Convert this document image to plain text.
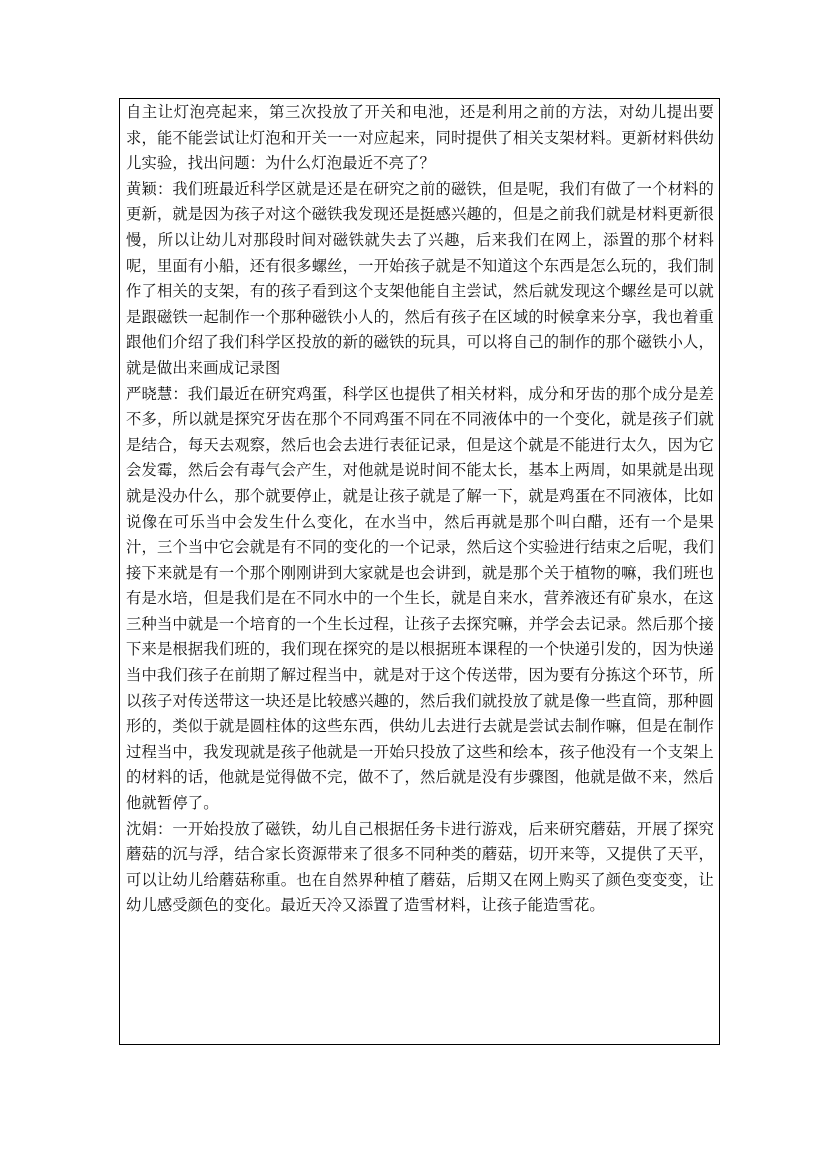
自主让灯泡亮起来，第三次投放了开关和电池，还是利用之前的方法，对幼儿提出要求，能不能尝试让灯泡和开关一一对应起来，同时提供了相关支架材料。更新材料供幼儿实验，找出问题：为什么灯泡最近不亮了？

黄颖：我们班最近科学区就是还是在研究之前的磁铁，但是呢，我们有做了一个材料的更新，就是因为孩子对这个磁铁我发现还是挺感兴趣的，但是之前我们就是材料更新很慢，所以让幼儿对那段时间对磁铁就失去了兴趣，后来我们在网上，添置的那个材料呢，里面有小船，还有很多螺丝，一开始孩子就是不知道这个东西是怎么玩的，我们制作了相关的支架，有的孩子看到这个支架他能自主尝试，然后就发现这个螺丝是可以就是跟磁铁一起制作一个那种磁铁小人的，然后有孩子在区域的时候拿来分享，我也着重跟他们介绍了我们科学区投放的新的磁铁的玩具，可以将自己的制作的那个磁铁小人，就是做出来画成记录图

严晓慧：我们最近在研究鸡蛋，科学区也提供了相关材料，成分和牙齿的那个成分是差不多，所以就是探究牙齿在那个不同鸡蛋不同在不同液体中的一个变化，就是孩子们就是结合，每天去观察，然后也会去进行表征记录，但是这个就是不能进行太久，因为它会发霉，然后会有毒气会产生，对他就是说时间不能太长，基本上两周，如果就是出现就是没办什么，那个就要停止，就是让孩子就是了解一下，就是鸡蛋在不同液体，比如说像在可乐当中会发生什么变化，在水当中，然后再就是那个叫白醋，还有一个是果汁，三个当中它会就是有不同的变化的一个记录，然后这个实验进行结束之后呢，我们接下来就是有一个那个刚刚讲到大家就是也会讲到，就是那个关于植物的嘛，我们班也有是水培，但是我们是在不同水中的一个生长，就是自来水，营养液还有矿泉水，在这三种当中就是一个培育的一个生长过程，让孩子去探究嘛，并学会去记录。然后那个接下来是根据我们班的，我们现在探究的是以根据班本课程的一个快递引发的，因为快递当中我们孩子在前期了解过程当中，就是对于这个传送带，因为要有分拣这个环节，所以孩子对传送带这一块还是比较感兴趣的，然后我们就投放了就是像一些直筒，那种圆形的，类似于就是圆柱体的这些东西，供幼儿去进行去就是尝试去制作嘛，但是在制作过程当中，我发现就是孩子他就是一开始只投放了这些和绘本，孩子他没有一个支架上的材料的话，他就是觉得做不完，做不了，然后就是没有步骤图，他就是做不来，然后他就暂停了。

沈娟：一开始投放了磁铁，幼儿自己根据任务卡进行游戏，后来研究蘑菇，开展了探究蘑菇的沉与浮，结合家长资源带来了很多不同种类的蘑菇，切开来等，又提供了天平，可以让幼儿给蘑菇称重。也在自然界种植了蘑菇，后期又在网上购买了颜色变变变，让幼儿感受颜色的变化。最近天冷又添置了造雪材料，让孩子能造雪花。
